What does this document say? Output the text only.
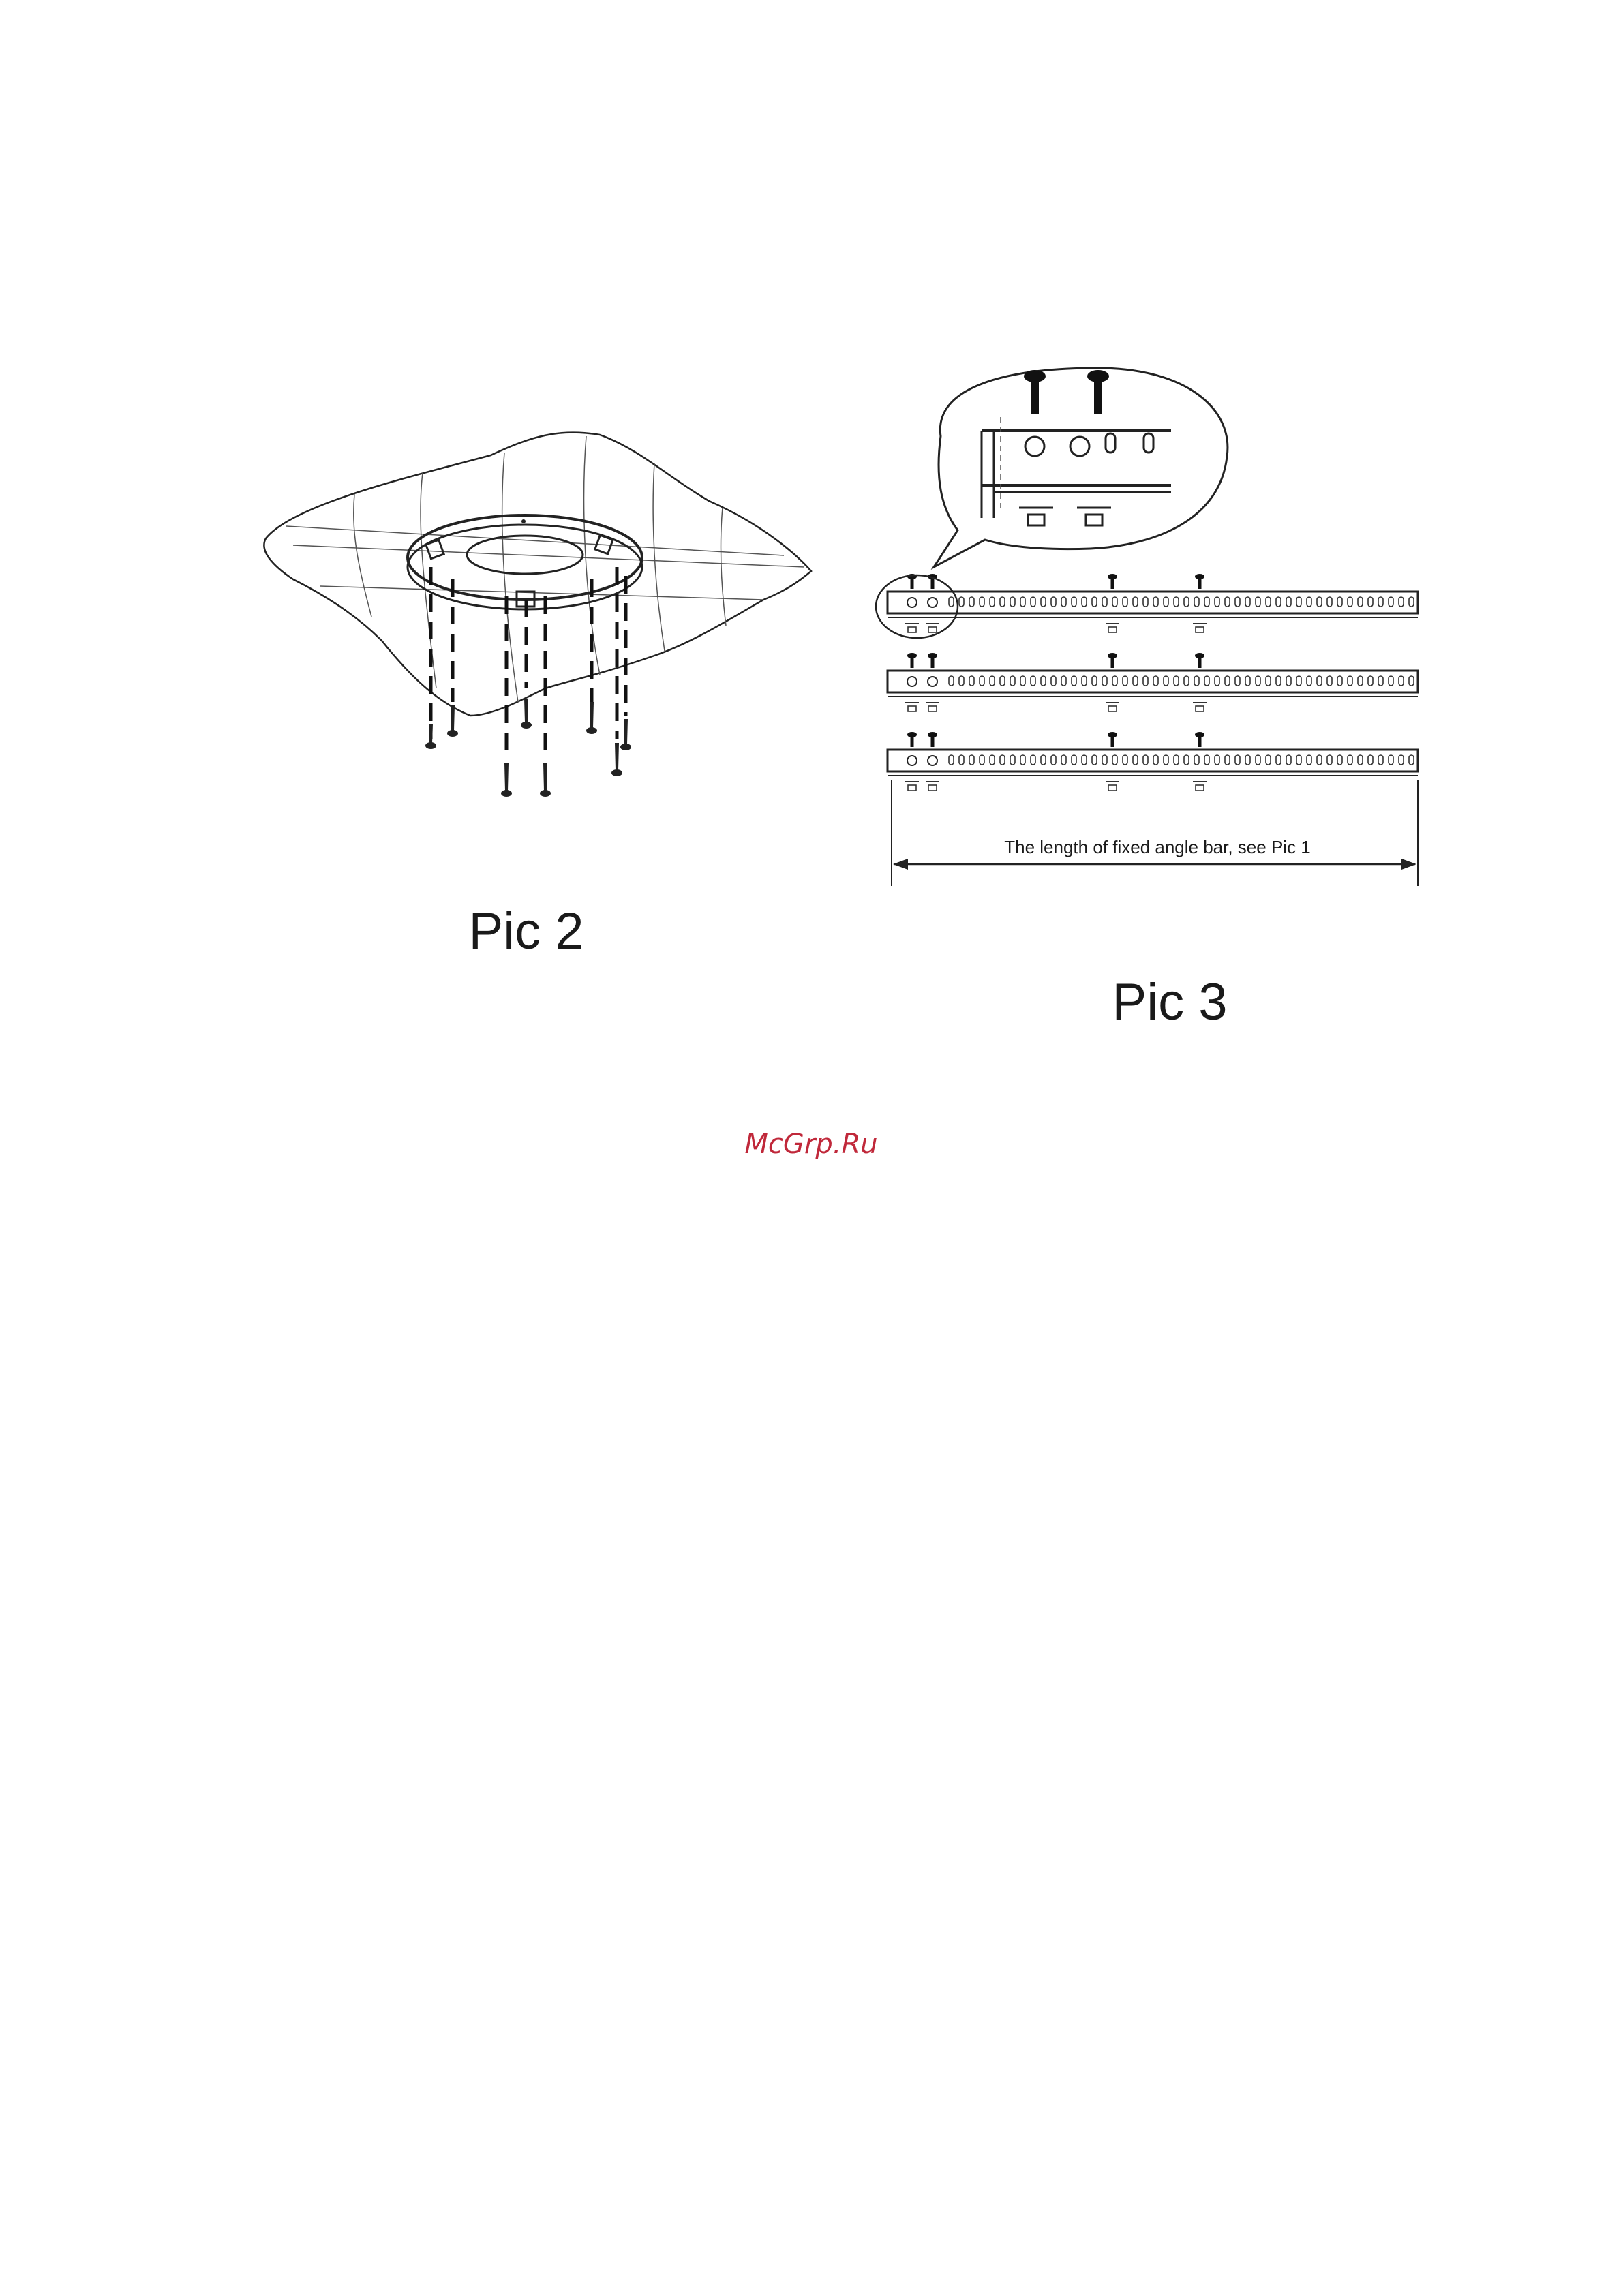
Pic 2
The length of fixed angle bar, see Pic 1
Pic 3
McGrp.Ru
